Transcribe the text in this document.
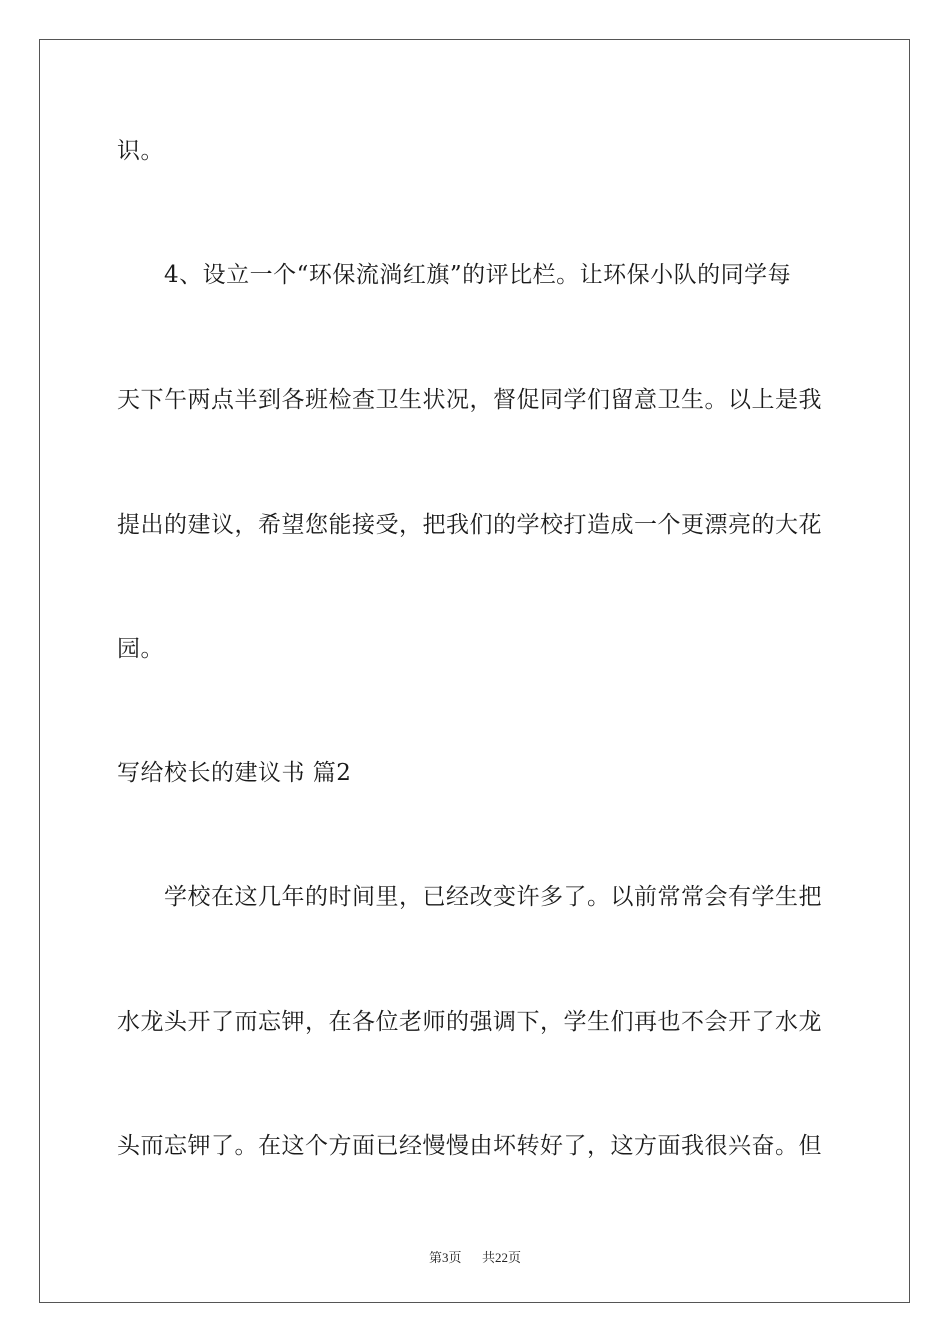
识。
4、设立一个“环保流淌红旗”的评比栏。让环保小队的同学每
天下午两点半到各班检查卫生状况，督促同学们留意卫生。以上是我
提出的建议，希望您能接受，把我们的学校打造成一个更漂亮的大花
园。
写给校长的建议书 篇2
学校在这几年的时间里，已经改变许多了。以前常常会有学生把
水龙头开了而忘钾，在各位老师的强调下，学生们再也不会开了水龙
头而忘钾了。在这个方面已经慢慢由坏转好了，这方面我很兴奋。但
第3页 共22页
